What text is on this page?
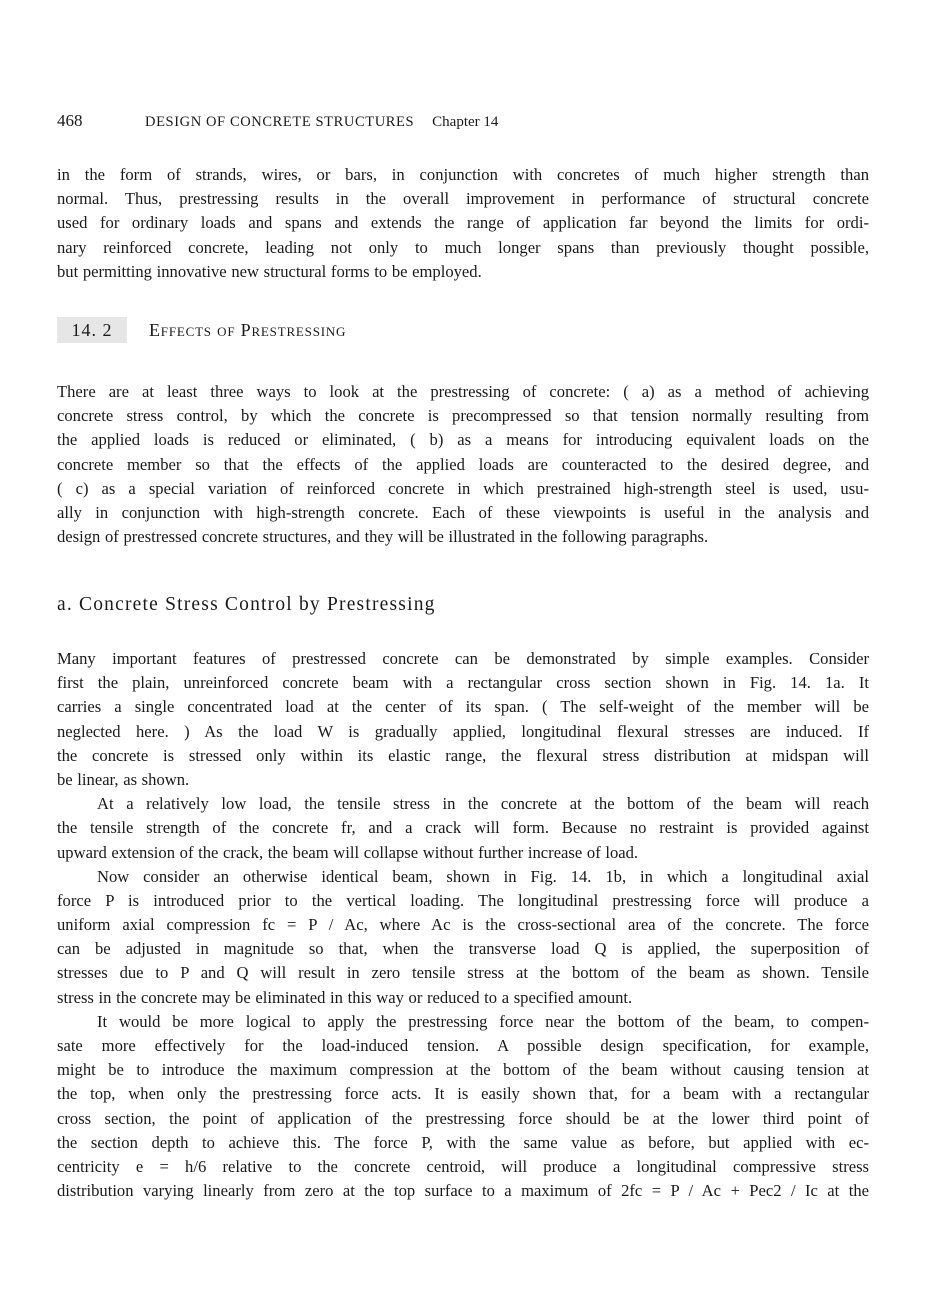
468	DESIGN OF CONCRETE STRUCTURES Chapter 14
in the form of strands, wires, or bars, in conjunction with concretes of much higher strength than
normal. Thus, prestressing results in the overall improvement in performance of structural concrete
used for ordinary loads and spans and extends the range of application far beyond the limits for ordi-
nary reinforced concrete, leading not only to much longer spans than previously thought possible,
but permitting innovative new structural forms to be employed.
14. 2	Effects of Prestressing
There are at least three ways to look at the prestressing of concrete: ( a) as a method of achieving
concrete stress control, by which the concrete is precompressed so that tension normally resulting from
the applied loads is reduced or eliminated, ( b) as a means for introducing equivalent loads on the
concrete member so that the effects of the applied loads are counteracted to the desired degree, and
( c) as a special variation of reinforced concrete in which prestrained high-strength steel is used, usu-
ally in conjunction with high-strength concrete. Each of these viewpoints is useful in the analysis and
design of prestressed concrete structures, and they will be illustrated in the following paragraphs.
a. Concrete Stress Control by Prestressing
Many important features of prestressed concrete can be demonstrated by simple examples. Consider
first the plain, unreinforced concrete beam with a rectangular cross section shown in Fig. 14. 1a. It
carries a single concentrated load at the center of its span. ( The self-weight of the member will be
neglected here. ) As the load W is gradually applied, longitudinal flexural stresses are induced. If
the concrete is stressed only within its elastic range, the flexural stress distribution at midspan will
be linear, as shown.
At a relatively low load, the tensile stress in the concrete at the bottom of the beam will reach
the tensile strength of the concrete fr, and a crack will form. Because no restraint is provided against
upward extension of the crack, the beam will collapse without further increase of load.
Now consider an otherwise identical beam, shown in Fig. 14. 1b, in which a longitudinal axial
force P is introduced prior to the vertical loading. The longitudinal prestressing force will produce a
uniform axial compression fc = P / Ac, where Ac is the cross-sectional area of the concrete. The force
can be adjusted in magnitude so that, when the transverse load Q is applied, the superposition of
stresses due to P and Q will result in zero tensile stress at the bottom of the beam as shown. Tensile
stress in the concrete may be eliminated in this way or reduced to a specified amount.
It would be more logical to apply the prestressing force near the bottom of the beam, to compen-
sate more effectively for the load-induced tension. A possible design specification, for example,
might be to introduce the maximum compression at the bottom of the beam without causing tension at
the top, when only the prestressing force acts. It is easily shown that, for a beam with a rectangular
cross section, the point of application of the prestressing force should be at the lower third point of
the section depth to achieve this. The force P, with the same value as before, but applied with ec-
centricity e = h/6 relative to the concrete centroid, will produce a longitudinal compressive stress
distribution varying linearly from zero at the top surface to a maximum of 2fc = P / Ac + Pec2 / Ic at the
